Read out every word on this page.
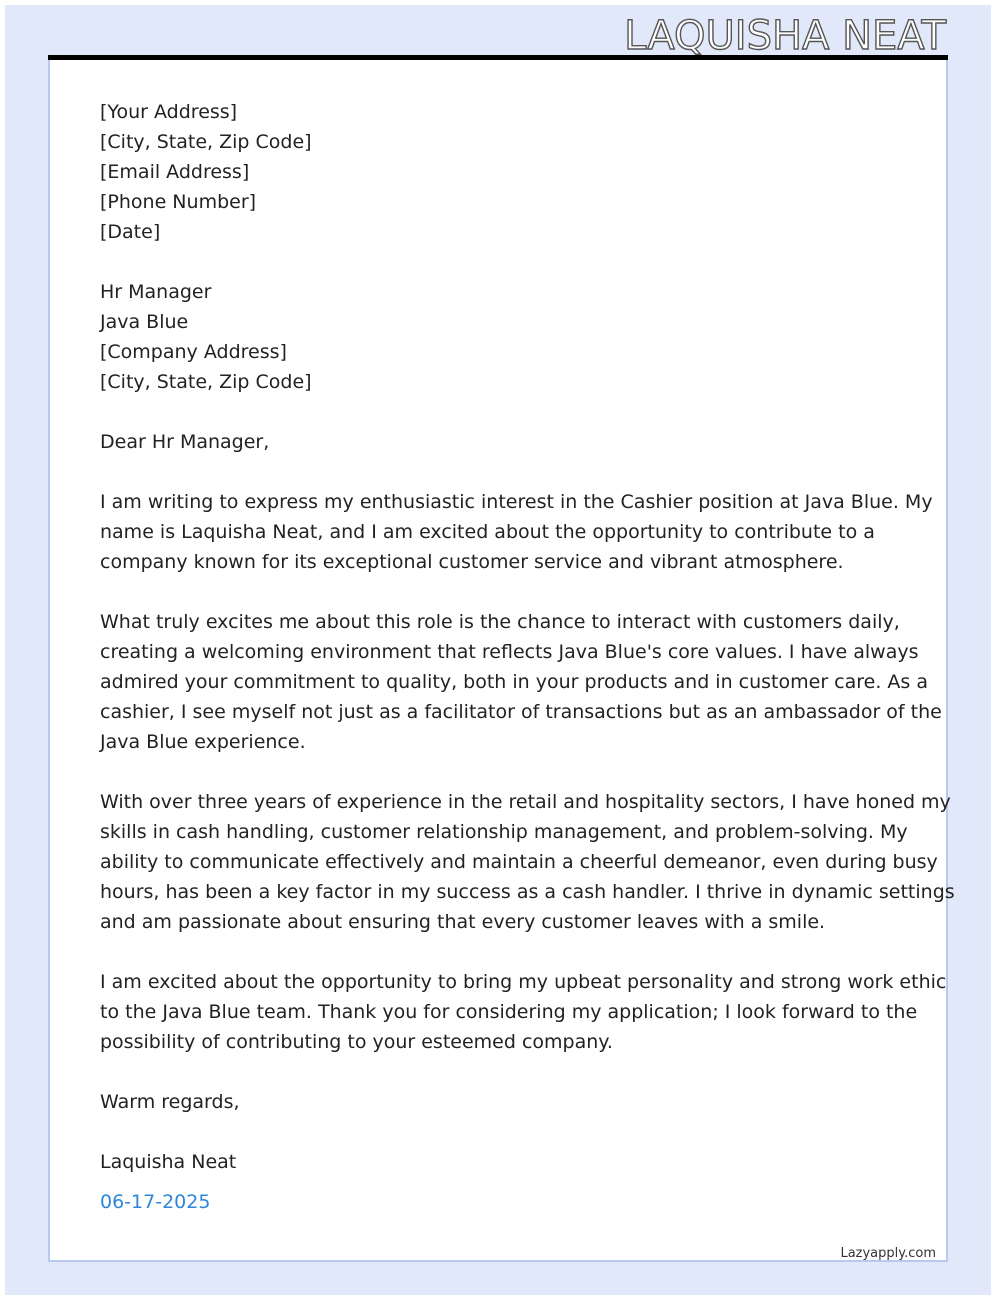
LAQUISHA NEAT
[Your Address]
[City, State, Zip Code]
[Email Address]
[Phone Number]
[Date]
Hr Manager
Java Blue
[Company Address]
[City, State, Zip Code]
Dear Hr Manager,
I am writing to express my enthusiastic interest in the Cashier position at Java Blue. My
name is Laquisha Neat, and I am excited about the opportunity to contribute to a
company known for its exceptional customer service and vibrant atmosphere.
What truly excites me about this role is the chance to interact with customers daily,
creating a welcoming environment that reflects Java Blue's core values. I have always
admired your commitment to quality, both in your products and in customer care. As a
cashier, I see myself not just as a facilitator of transactions but as an ambassador of the
Java Blue experience.
With over three years of experience in the retail and hospitality sectors, I have honed my
skills in cash handling, customer relationship management, and problem-solving. My
ability to communicate effectively and maintain a cheerful demeanor, even during busy
hours, has been a key factor in my success as a cash handler. I thrive in dynamic settings
and am passionate about ensuring that every customer leaves with a smile.
I am excited about the opportunity to bring my upbeat personality and strong work ethic
to the Java Blue team. Thank you for considering my application; I look forward to the
possibility of contributing to your esteemed company.
Warm regards,
Laquisha Neat
06-17-2025
Lazyapply.com
